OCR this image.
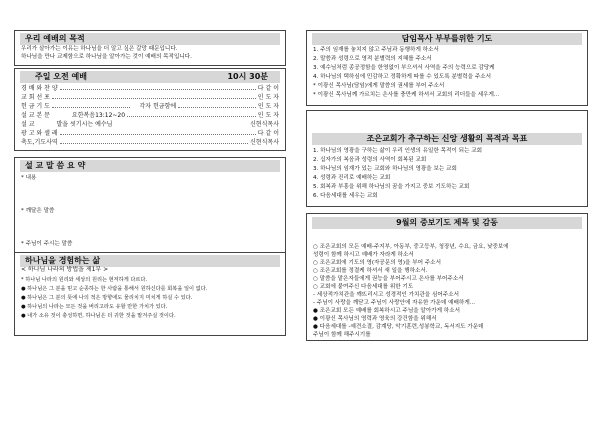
우리 예배의 목적
우리가 살아가는 이유는 하나님을 더 알고 싶은 갈망 때문입니다.
하나님을 만나 교제함으로 하나님을 알아가는 것이 예배의 목적입니다.
주일 오전 예배	10시 30분
경 배 와 찬 양	다 같 이
교 회 선 포	인 도 자
헌 금 기 도	각자 헌금함에	인 도 자
설 교 본 문	요한복음13:12~20	인 도 자
설 교	발을 씻기시는 예수님	신현식목사
광 고 와 셀 레	다 같 이
축도,기도사역	신현식목사
설 교 말 씀 요 약
* 내용
* 깨달은 말씀
* 주님이 주시는 말씀
하나님을 경험하는 삶
< 하나님 나라의 방법을 제1부 >
* 하나님 나라의 원리와 세상의 원리는 현저하게 다르다.
● 하나님은 그 분을 믿고 순종하는 한 사람을 통해서 원하신다를 회복을 일이 없다.
● 하나님은 그 분의 뜻에 나의 적은 방향에도 물리치지 미치게 하실 수 있다.
● 하나님의 나라는 모든 것을 버리고라도 유할 만한 가치가 있다.
● 내가 소유 것이 충성하면, 하나님은 더 귀한 것을 맡겨주실 것이다.
담임목사 부부를위한 기도
1. 주의 임재를 놓치지 않고 주님과 동행하게 하소서
2. 말씀과 성령으로 영적 분별력의 지혜를 주소서
3. 예수님처럼 종공정함을 한영없이 부으셔서 사역을 주의 능력으로 감당케
4. 하나님의 택하심에 민감하고 정확하게 따를 수 있도록 분별력을 주소서
* 이광신 목사님(담임)에게 말씀의 권세를 부어 주소서
* 이광신 목사님께 가르치는 은사를 충만케 하셔서 교회의 리더들을 세우게...
조은교회가 추구하는 신앙 생활의 목적과 목표
1. 하나님의 영광을 구하는 삶이 우리 인생의 유일한 목적이 되는 교회
2. 십자가의 복음과 성령의 사역이 회복된 교회
3. 하나님의 임재가 있는 교회와 하나님의 영광을 보는 교회
4. 성령과 진리로 예배하는 교회
5. 회복과 부흥을 위해 하나님의 꿈을 가지고 중보 기도하는 교회
6. 다음세대를 세우는 교회
9월의 중보기도 제목 및 감동
○ 조은교회의 모든 예배-주지부, 아동부, 중고등부, 청장년, 수요, 금요, 낮중보에
성령이 함께 하시고 예배가 자라게 하소서
○ 조은교회에 기도의 영(자공문의 영)을 부어 주소서
○ 조은교회를 정결케 하셔서 새 일을 행하소서.
○ 말씀을 맡은자들에게 권능을 부어주시고 은사를 부어주소서
○ 교회에 붙여주신 다음세대를 위한 기도
- 세상적가치관을 깨뜨리시고 성경적인 가치관을 심어주소서
- 주님이 사랑을 깨닫고 주님이 사랑안에 자유한 가운데 예배하게...
● 조은교회 모든 예배를 회복하시고 주님을 알아가게 하소서
● 이광신 목사님의 영력과 영육의 강건함을 위해서
● 다음세대를 -예견소결, 감계당, 악기훈련,성봉학교, 독서지도 가운데
주님이 함께 해주시기를
